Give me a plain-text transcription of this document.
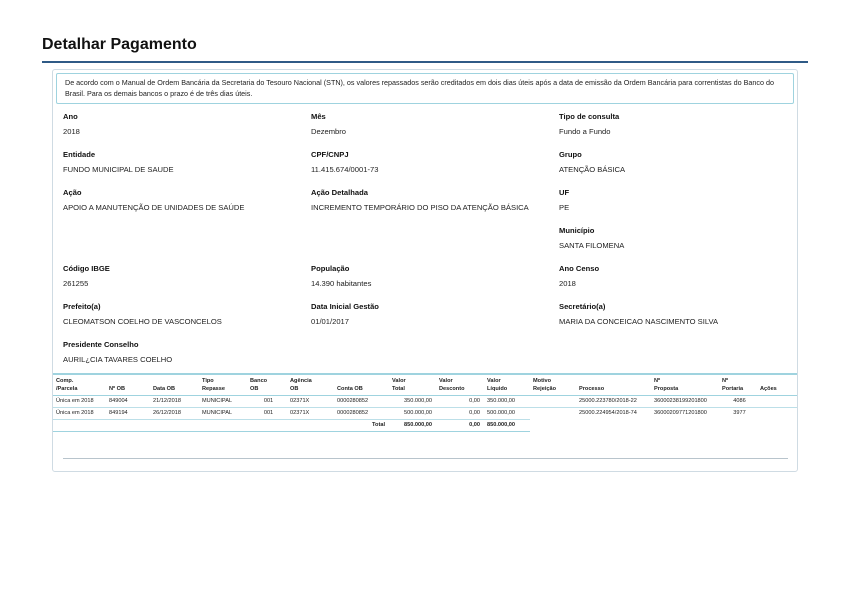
Detalhar Pagamento
De acordo com o Manual de Ordem Bancária da Secretaria do Tesouro Nacional (STN), os valores repassados serão creditados em dois dias úteis após a data de emissão da Ordem Bancária para correntistas do Banco do Brasil. Para os demais bancos o prazo é de três dias úteis.
Ano
2018
Mês
Dezembro
Tipo de consulta
Fundo a Fundo
Entidade
FUNDO MUNICIPAL DE SAUDE
CPF/CNPJ
11.415.674/0001-73
Grupo
ATENÇÃO BÁSICA
Ação
APOIO A MANUTENÇÃO DE UNIDADES DE SAÚDE
Ação Detalhada
INCREMENTO TEMPORÁRIO DO PISO DA ATENÇÃO BÁSICA
UF
PE
Município
SANTA FILOMENA
Código IBGE
261255
População
14.390 habitantes
Ano Censo
2018
Prefeito(a)
CLEOMATSON COELHO DE VASCONCELOS
Data Inicial Gestão
01/01/2017
Secretário(a)
MARIA DA CONCEICAO NASCIMENTO SILVA
Presidente Conselho
AURIL¿CIA TAVARES COELHO
Comp.			Tipo	Banco	Agência		Valor	Valor	Valor	Motivo		Nº	Nº	
/Parcela	Nº OB	Data OB	Repasse	OB	OB	Conta OB	Total	Desconto	Líquido	Rejeição	Processo	Proposta	Portaria	Ações
Única em 2018	849004	21/12/2018	MUNICIPAL	001	02371X	0000280852	350.000,00	0,00	350.000,00		25000.223780/2018-22	36000238199201800	4086	
Única em 2018	849194	26/12/2018	MUNICIPAL	001	02371X	0000280852	500.000,00	0,00	500.000,00		25000.224954/2018-74	36000209771201800	3977	
						Total	850.000,00	0,00	850.000,00					
